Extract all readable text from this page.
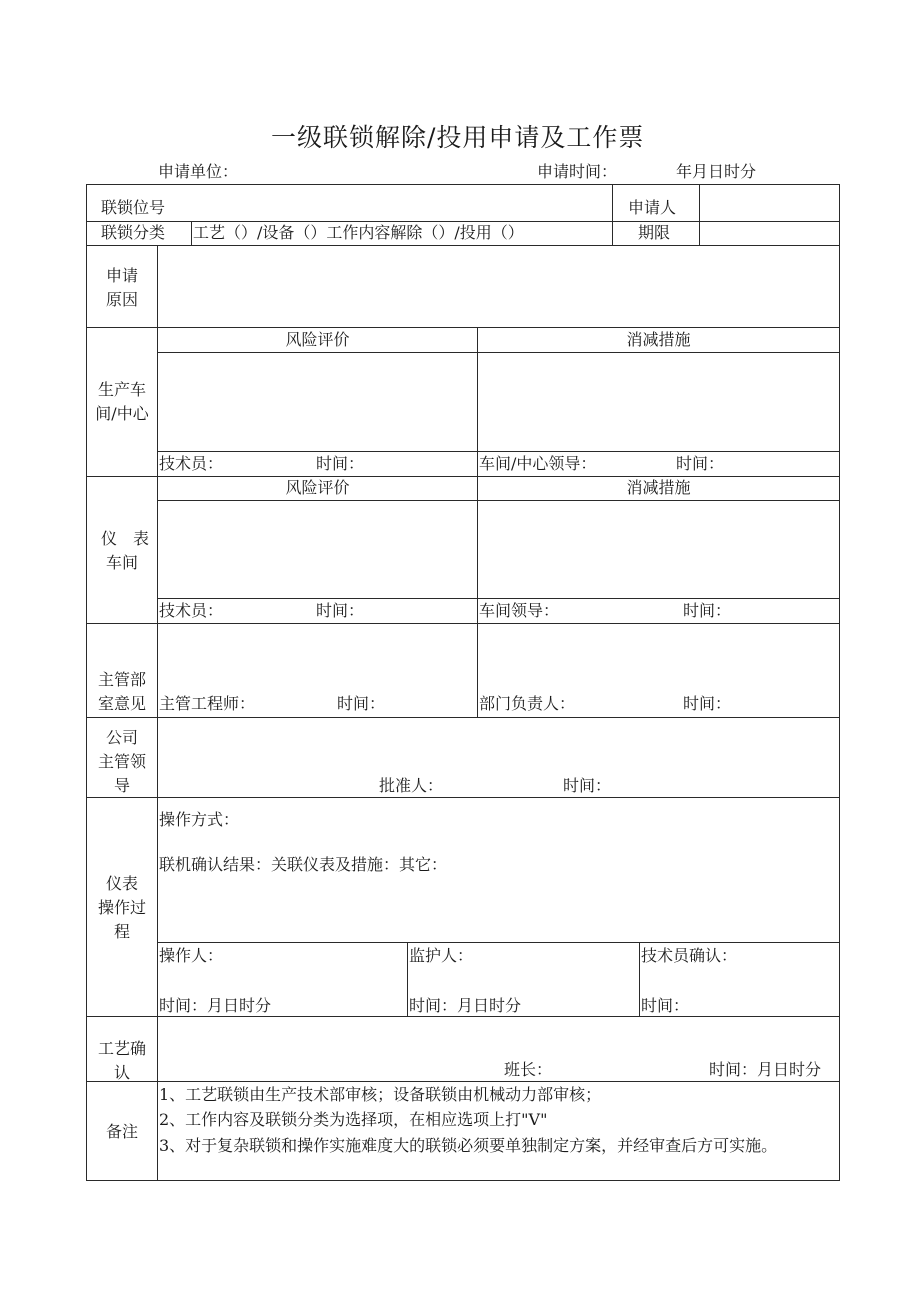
一级联锁解除/投用申请及工作票
申请单位：	申请时间：	年月日时分
联锁位号	申请人
联锁分类 工艺（）/设备（）工作内容解除（）/投用（）	期限
申请
原因
生产车
间/中心
风险评价	消减措施
技术员：	时间：	车间/中心领导：	时间：
仪　表
车间
风险评价	消减措施
技术员：	时间：	车间领导：	时间：
主管部
室意见 主管工程师：	时间：	部门负责人：	时间：
公司
主管领
导	批准人：	时间：
仪表
操作过
程
操作方式：
联机确认结果：关联仪表及措施：其它：
操作人：	监护人：	技术员确认：
时间：月日时分	时间：月日时分	时间：
工艺确
认	班长：	时间：月日时分
备注
1、工艺联锁由生产技术部审核；设备联锁由机械动力部审核；
2、工作内容及联锁分类为选择项，在相应选项上打"V"
3、对于复杂联锁和操作实施难度大的联锁必须要单独制定方案，并经审查后方可实施。
